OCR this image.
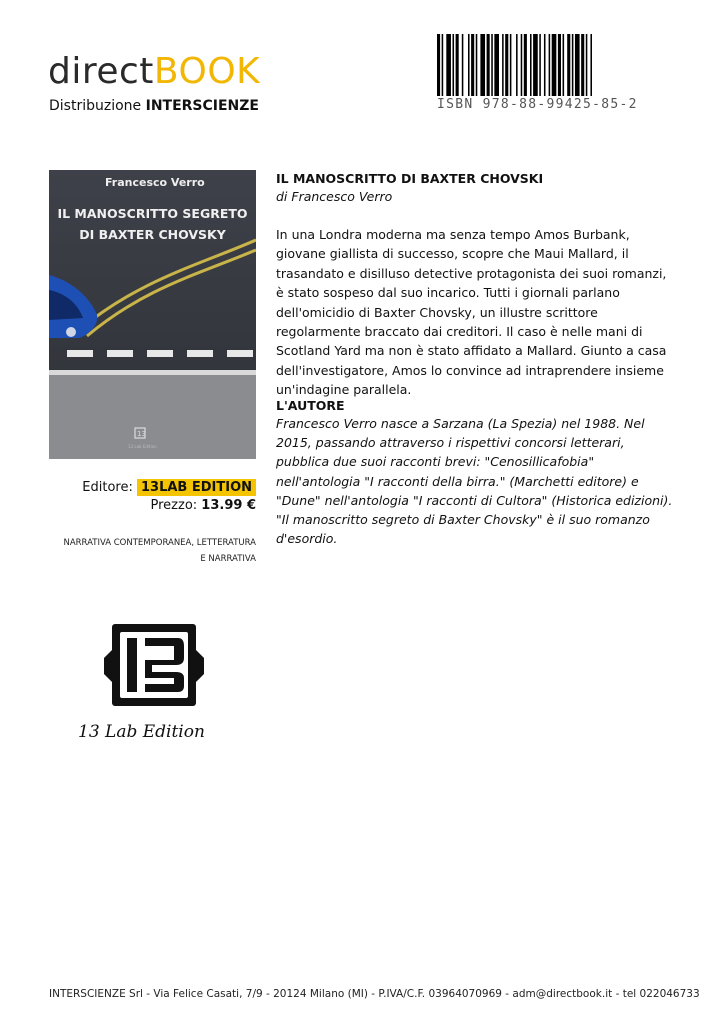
directBOOK
Distribuzione INTERSCIENZE	ISBN 978-88-99425-85-2
13
13 Lab Edition
Francesco Verro
IL MANOSCRITTO SEGRETO
DI BAXTER CHOVSKY
Editore: 13LAB EDITION
Prezzo: 13.99 €
NARRATIVA CONTEMPORANEA, LETTERATURA E NARRATIVA
13 Lab Edition
IL MANOSCRITTO DI BAXTER CHOVSKI
di Francesco Verro
In una Londra moderna ma senza tempo Amos Burbank, giovane giallista di successo, scopre che Maui Mallard, il trasandato e disilluso detective protagonista dei suoi romanzi, è stato sospeso dal suo incarico. Tutti i giornali parlano dell'omicidio di Baxter Chovsky, un illustre scrittore regolarmente braccato dai creditori. Il caso è nelle mani di Scotland Yard ma non è stato affidato a Mallard. Giunto a casa dell'investigatore, Amos lo convince ad intraprendere insieme un'indagine parallela.
L'AUTORE
Francesco Verro nasce a Sarzana (La Spezia) nel 1988. Nel 2015, passando attraverso i rispettivi concorsi letterari, pubblica due suoi racconti brevi: "Cenosillicafobia" nell'antologia "I racconti della birra." (Marchetti editore) e "Dune" nell'antologia "I racconti di Cultora" (Historica edizioni). "Il manoscritto segreto di Baxter Chovsky" è il suo romanzo d'esordio.
INTERSCIENZE Srl - Via Felice Casati, 7/9 - 20124 Milano (MI) - P.IVA/C.F. 03964070969 - adm@directbook.it - tel 022046733
